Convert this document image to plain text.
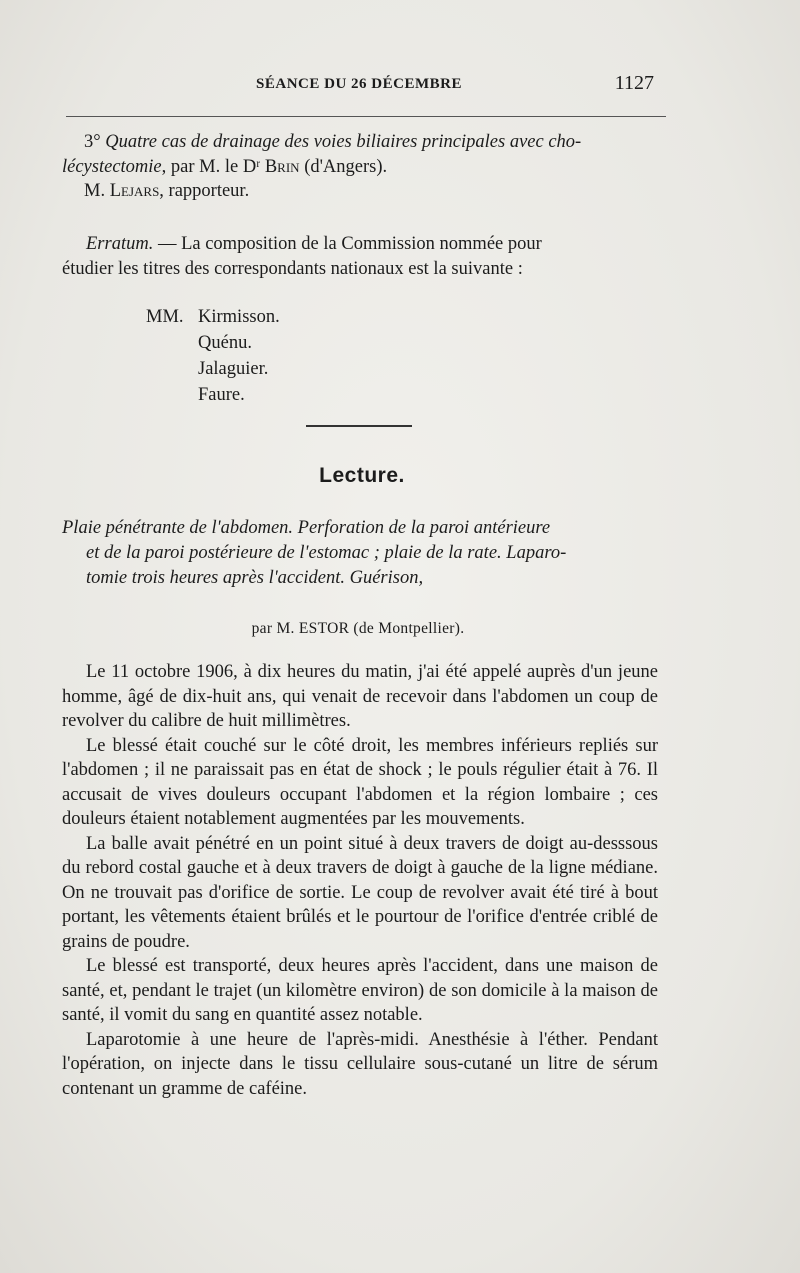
SÉANCE DU 26 DÉCEMBRE	1127
3° Quatre cas de drainage des voies biliaires principales avec cho-
lécystectomie, par M. le Dʳ Brin (d'Angers).
M. Lejars, rapporteur.
Erratum. — La composition de la Commission nommée pour
étudier les titres des correspondants nationaux est la suivante :
MM. Kirmisson.
Quénu.
Jalaguier.
Faure.
Lecture.
Plaie pénétrante de l'abdomen. Perforation de la paroi antérieure
et de la paroi postérieure de l'estomac ; plaie de la rate. Laparo-
tomie trois heures après l'accident. Guérison,
par M. ESTOR (de Montpellier).

Le 11 octobre 1906, à dix heures du matin, j'ai été appelé auprès d'un jeune homme, âgé de dix-huit ans, qui venait de recevoir dans l'abdomen un coup de revolver du calibre de huit millimètres.

Le blessé était couché sur le côté droit, les membres inférieurs repliés sur l'abdomen ; il ne paraissait pas en état de shock ; le pouls régulier était à 76. Il accusait de vives douleurs occupant l'abdomen et la région lombaire ; ces douleurs étaient notablement augmentées par les mouvements.

La balle avait pénétré en un point situé à deux travers de doigt au-desssous du rebord costal gauche et à deux travers de doigt à gauche de la ligne médiane. On ne trouvait pas d'orifice de sortie. Le coup de revolver avait été tiré à bout portant, les vêtements étaient brûlés et le pourtour de l'orifice d'entrée criblé de grains de poudre.

Le blessé est transporté, deux heures après l'accident, dans une maison de santé, et, pendant le trajet (un kilomètre environ) de son domicile à la maison de santé, il vomit du sang en quantité assez notable.

Laparotomie à une heure de l'après-midi. Anesthésie à l'éther. Pendant l'opération, on injecte dans le tissu cellulaire sous-cutané un litre de sérum contenant un gramme de caféine.
